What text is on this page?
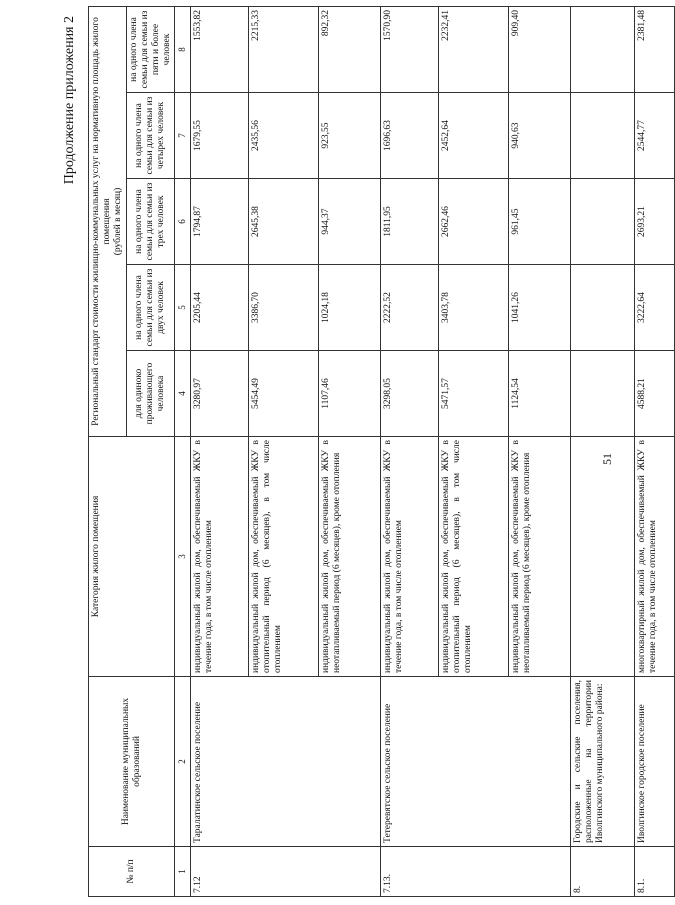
51
Продолжение приложения 2
№ п/п	Наименование муниципальных образований	Категория жилого помещения	Региональный стандарт стоимости жилищно-коммунальных услуг на нормативную площадь жилого помещения (рублей в месяц)				

			для одиноко проживающего человека	на одного члена семьи для семьи из двух человек	на одного члена семьи для семьи из трех человек	на одного члена семьи для семьи из четырех человек	на одного члена семьи для семьи из пяти и более человек
1	2	3	4	5	6	7	8
7.12	Таралатинское сельское поселение	индивидуальный жилой дом, обеспечиваемый ЖКУ в течение года, в том числе отоплением	3280,97	2205,44	1794,87	1679,55	1553,82
		индивидуальный жилой дом, обеспечиваемый ЖКУ в отопительный период (6 месяцев), в том числе отоплением	5454,49	3386,70	2645,38	2435,56	2215,33
		индивидуальный жилой дом, обеспечиваемый ЖКУ в неотапливаемый период (6 месяцев), кроме отопления	1107,46	1024,18	944,37	923,55	892,32
7.13.	Тетеревятское сельское поселение	индивидуальный жилой дом, обеспечиваемый ЖКУ в течение года, в том числе отоплением	3298,05	2222,52	1811,95	1696,63	1570,90
		индивидуальный жилой дом, обеспечиваемый ЖКУ в отопительный период (6 месяцев), в том числе отоплением	5471,57	3403,78	2662,46	2452,64	2232,41
		индивидуальный жилой дом, обеспечиваемый ЖКУ в неотапливаемый период (6 месяцев), кроме отопления	1124,54	1041,26	961,45	940,63	909,40
8.	Городские и сельские поселения, расположенные на территории Иволгинского муниципального района:						
8.1.	Иволгинское городское поселение	многоквартирный жилой дом, обеспечиваемый ЖКУ в течение года, в том числе отоплением	4588,21	3222,64	2693,21	2544,77	2381,48
